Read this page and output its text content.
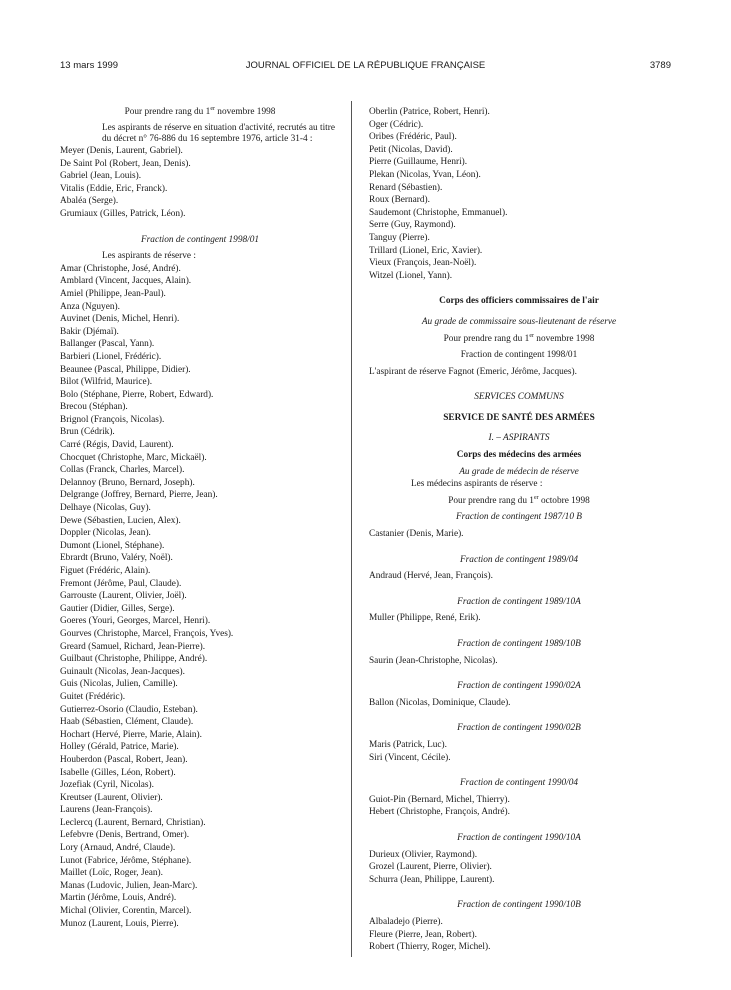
13 mars 1999	JOURNAL OFFICIEL DE LA RÉPUBLIQUE FRANÇAISE	3789
Pour prendre rang du 1er novembre 1998
Les aspirants de réserve en situation d'activité, recrutés au titre du décret n° 76-886 du 16 septembre 1976, article 31-4 :
Meyer (Denis, Laurent, Gabriel).
De Saint Pol (Robert, Jean, Denis).
Gabriel (Jean, Louis).
Vitalis (Eddie, Eric, Franck).
Abaléa (Serge).
Grumiaux (Gilles, Patrick, Léon).
Fraction de contingent 1998/01
Les aspirants de réserve :
Amar (Christophe, José, André).
Amblard (Vincent, Jacques, Alain).
Amiel (Philippe, Jean-Paul).
Anza (Nguyen).
Auvinet (Denis, Michel, Henri).
Bakir (Djémaï).
Ballanger (Pascal, Yann).
Barbieri (Lionel, Frédéric).
Beaunee (Pascal, Philippe, Didier).
Bilot (Wilfrid, Maurice).
Bolo (Stéphane, Pierre, Robert, Edward).
Brecou (Stéphan).
Brignol (François, Nicolas).
Brun (Cédrik).
Carré (Régis, David, Laurent).
Chocquet (Christophe, Marc, Mickaël).
Collas (Franck, Charles, Marcel).
Delannoy (Bruno, Bernard, Joseph).
Delgrange (Joffrey, Bernard, Pierre, Jean).
Delhaye (Nicolas, Guy).
Dewe (Sébastien, Lucien, Alex).
Doppler (Nicolas, Jean).
Dumont (Lionel, Stéphane).
Ebrardt (Bruno, Valéry, Noël).
Figuet (Frédéric, Alain).
Fremont (Jérôme, Paul, Claude).
Garrouste (Laurent, Olivier, Joël).
Gautier (Didier, Gilles, Serge).
Goeres (Youri, Georges, Marcel, Henri).
Gourves (Christophe, Marcel, François, Yves).
Greard (Samuel, Richard, Jean-Pierre).
Guilbaut (Christophe, Philippe, André).
Guinault (Nicolas, Jean-Jacques).
Guis (Nicolas, Julien, Camille).
Guitet (Frédéric).
Gutierrez-Osorio (Claudio, Esteban).
Haab (Sébastien, Clément, Claude).
Hochart (Hervé, Pierre, Marie, Alain).
Holley (Gérald, Patrice, Marie).
Houberdon (Pascal, Robert, Jean).
Isabelle (Gilles, Léon, Robert).
Jozefiak (Cyril, Nicolas).
Kreutser (Laurent, Olivier).
Laurens (Jean-François).
Leclercq (Laurent, Bernard, Christian).
Lefebvre (Denis, Bertrand, Omer).
Lory (Arnaud, André, Claude).
Lunot (Fabrice, Jérôme, Stéphane).
Maillet (Loïc, Roger, Jean).
Manas (Ludovic, Julien, Jean-Marc).
Martin (Jérôme, Louis, André).
Michal (Olivier, Corentin, Marcel).
Munoz (Laurent, Louis, Pierre).
Oberlin (Patrice, Robert, Henri).
Oger (Cédric).
Oribes (Frédéric, Paul).
Petit (Nicolas, David).
Pierre (Guillaume, Henri).
Plekan (Nicolas, Yvan, Léon).
Renard (Sébastien).
Roux (Bernard).
Saudemont (Christophe, Emmanuel).
Serre (Guy, Raymond).
Tanguy (Pierre).
Trillard (Lionel, Eric, Xavier).
Vieux (François, Jean-Noël).
Witzel (Lionel, Yann).
Corps des officiers commissaires de l'air
Au grade de commissaire sous-lieutenant de réserve
Pour prendre rang du 1er novembre 1998
Fraction de contingent 1998/01
L'aspirant de réserve Fagnot (Emeric, Jérôme, Jacques).
SERVICES COMMUNS
SERVICE DE SANTÉ DES ARMÉES
I. – ASPIRANTS
Corps des médecins des armées
Au grade de médecin de réserve
Les médecins aspirants de réserve :
Pour prendre rang du 1er octobre 1998
Fraction de contingent 1987/10 B
Castanier (Denis, Marie).
Fraction de contingent 1989/04
Andraud (Hervé, Jean, François).
Fraction de contingent 1989/10A
Muller (Philippe, René, Erik).
Fraction de contingent 1989/10B
Saurin (Jean-Christophe, Nicolas).
Fraction de contingent 1990/02A
Ballon (Nicolas, Dominique, Claude).
Fraction de contingent 1990/02B
Maris (Patrick, Luc).
Siri (Vincent, Cécile).
Fraction de contingent 1990/04
Guiot-Pin (Bernard, Michel, Thierry).
Hebert (Christophe, François, André).
Fraction de contingent 1990/10A
Durieux (Olivier, Raymond).
Grozel (Laurent, Pierre, Olivier).
Schurra (Jean, Philippe, Laurent).
Fraction de contingent 1990/10B
Albaladejo (Pierre).
Fleure (Pierre, Jean, Robert).
Robert (Thierry, Roger, Michel).
